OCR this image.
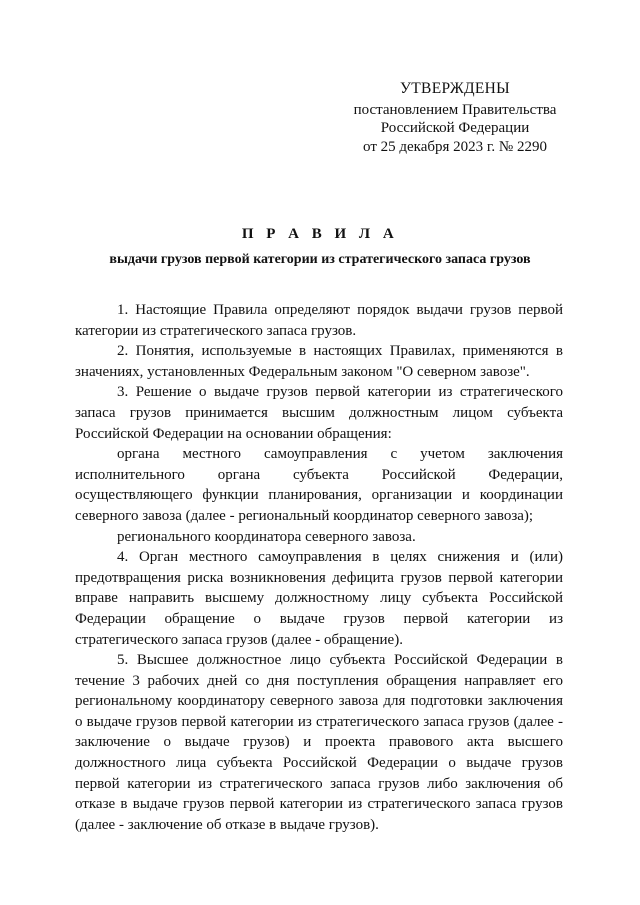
УТВЕРЖДЕНЫ
постановлением Правительства
Российской Федерации
от 25 декабря 2023 г. № 2290
П Р А В И Л А
выдачи грузов первой категории из стратегического запаса грузов

1. Настоящие Правила определяют порядок выдачи грузов первой категории из стратегического запаса грузов.

2. Понятия, используемые в настоящих Правилах, применяются в значениях, установленных Федеральным законом "О северном завозе".

3. Решение о выдаче грузов первой категории из стратегического запаса грузов принимается высшим должностным лицом субъекта Российской Федерации на основании обращения:

органа местного самоуправления с учетом заключения исполнительного органа субъекта Российской Федерации, осуществляющего функции планирования, организации и координации северного завоза (далее - региональный координатор северного завоза);

регионального координатора северного завоза.

4. Орган местного самоуправления в целях снижения и (или) предотвращения риска возникновения дефицита грузов первой категории вправе направить высшему должностному лицу субъекта Российской Федерации обращение о выдаче грузов первой категории из стратегического запаса грузов (далее - обращение).

5. Высшее должностное лицо субъекта Российской Федерации в течение 3 рабочих дней со дня поступления обращения направляет его региональному координатору северного завоза для подготовки заключения о выдаче грузов первой категории из стратегического запаса грузов (далее - заключение о выдаче грузов) и проекта правового акта высшего должностного лица субъекта Российской Федерации о выдаче грузов первой категории из стратегического запаса грузов либо заключения об отказе в выдаче грузов первой категории из стратегического запаса грузов (далее - заключение об отказе в выдаче грузов).
